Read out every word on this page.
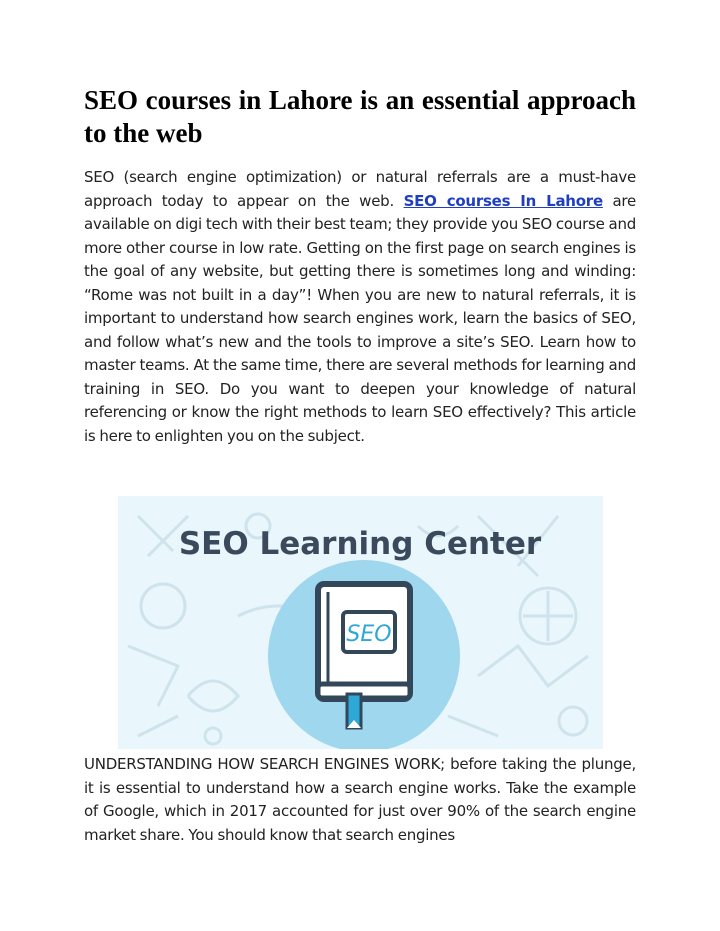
SEO courses in Lahore is an essential approach to the web

SEO (search engine optimization) or natural referrals are a must-have approach today to appear on the web. SEO courses In Lahore are available on digi tech with their best team; they provide you SEO course and more other course in low rate. Getting on the first page on search engines is the goal of any website, but getting there is sometimes long and winding: “Rome was not built in a day”! When you are new to natural referrals, it is important to understand how search engines work, learn the basics of SEO, and follow what’s new and the tools to improve a site’s SEO. Learn how to master teams. At the same time, there are several methods for learning and training in SEO. Do you want to deepen your knowledge of natural referencing or know the right methods to learn SEO effectively? This article is here to enlighten you on the subject.

SEO Learning Center
SEO

UNDERSTANDING HOW SEARCH ENGINES WORK; before taking the plunge, it is essential to understand how a search engine works. Take the example of Google, which in 2017 accounted for just over 90% of the search engine market share. You should know that search engines
